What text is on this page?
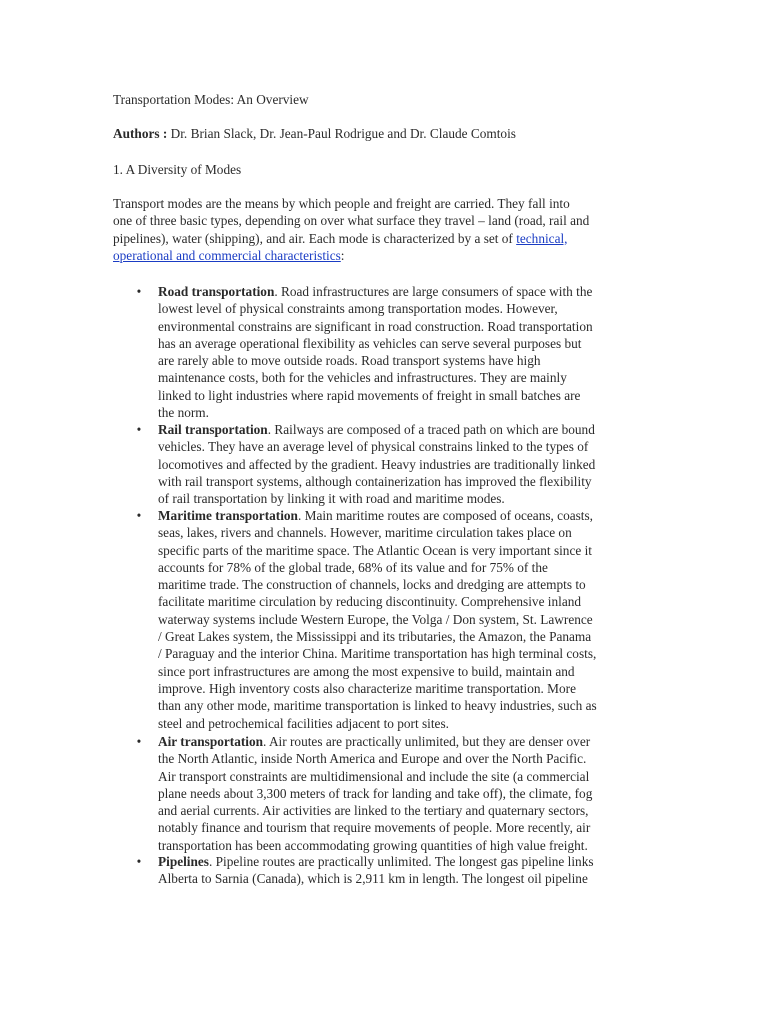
Transportation Modes: An Overview

Authors : Dr. Brian Slack, Dr. Jean-Paul Rodrigue and Dr. Claude Comtois

1. A Diversity of Modes

Transport modes are the means by which people and freight are carried. They fall into
one of three basic types, depending on over what surface they travel – land (road, rail and
pipelines), water (shipping), and air. Each mode is characterized by a set of technical,
operational and commercial characteristics:

• Road transportation. Road infrastructures are large consumers of space with the
lowest level of physical constraints among transportation modes. However,
environmental constrains are significant in road construction. Road transportation
has an average operational flexibility as vehicles can serve several purposes but
are rarely able to move outside roads. Road transport systems have high
maintenance costs, both for the vehicles and infrastructures. They are mainly
linked to light industries where rapid movements of freight in small batches are
the norm.
• Rail transportation. Railways are composed of a traced path on which are bound
vehicles. They have an average level of physical constrains linked to the types of
locomotives and affected by the gradient. Heavy industries are traditionally linked
with rail transport systems, although containerization has improved the flexibility
of rail transportation by linking it with road and maritime modes.
• Maritime transportation. Main maritime routes are composed of oceans, coasts,
seas, lakes, rivers and channels. However, maritime circulation takes place on
specific parts of the maritime space. The Atlantic Ocean is very important since it
accounts for 78% of the global trade, 68% of its value and for 75% of the
maritime trade. The construction of channels, locks and dredging are attempts to
facilitate maritime circulation by reducing discontinuity. Comprehensive inland
waterway systems include Western Europe, the Volga / Don system, St. Lawrence
/ Great Lakes system, the Mississippi and its tributaries, the Amazon, the Panama
/ Paraguay and the interior China. Maritime transportation has high terminal costs,
since port infrastructures are among the most expensive to build, maintain and
improve. High inventory costs also characterize maritime transportation. More
than any other mode, maritime transportation is linked to heavy industries, such as
steel and petrochemical facilities adjacent to port sites.
• Air transportation. Air routes are practically unlimited, but they are denser over
the North Atlantic, inside North America and Europe and over the North Pacific.
Air transport constraints are multidimensional and include the site (a commercial
plane needs about 3,300 meters of track for landing and take off), the climate, fog
and aerial currents. Air activities are linked to the tertiary and quaternary sectors,
notably finance and tourism that require movements of people. More recently, air
transportation has been accommodating growing quantities of high value freight.
• Pipelines. Pipeline routes are practically unlimited. The longest gas pipeline links
Alberta to Sarnia (Canada), which is 2,911 km in length. The longest oil pipeline
